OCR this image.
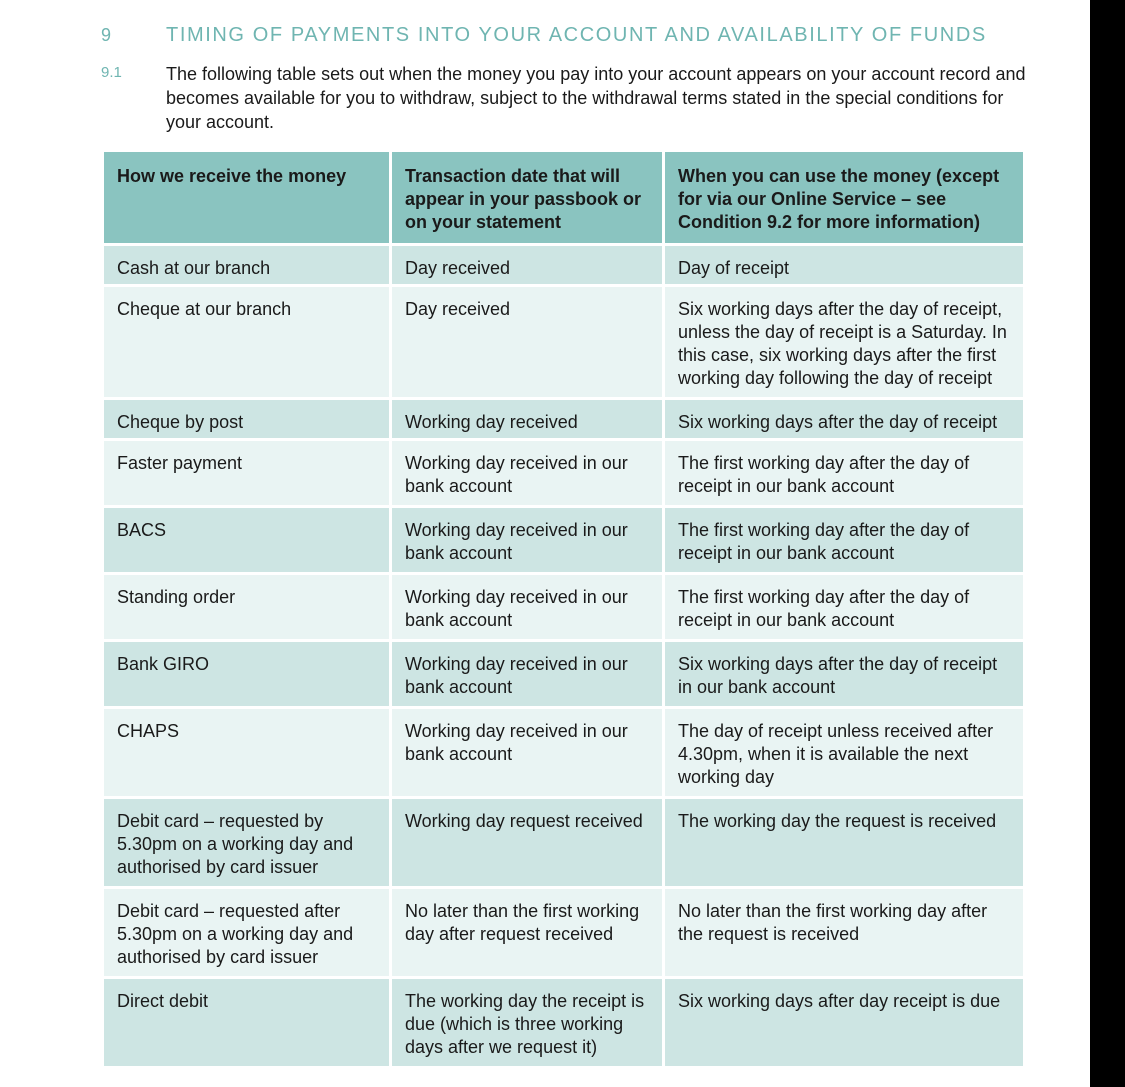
9	TIMING OF PAYMENTS INTO YOUR ACCOUNT AND AVAILABILITY OF FUNDS
9.1 The following table sets out when the money you pay into your account appears on your account record and becomes available for you to withdraw, subject to the withdrawal terms stated in the special conditions for your account.
How we receive the money	Transaction date that will appear in your passbook or on your statement	When you can use the money (except for via our Online Service – see Condition 9.2 for more information)
Cash at our branch	Day received	Day of receipt
Cheque at our branch	Day received	Six working days after the day of receipt, unless the day of receipt is a Saturday. In this case, six working days after the first working day following the day of receipt
Cheque by post	Working day received	Six working days after the day of receipt
Faster payment	Working day received in our bank account	The first working day after the day of receipt in our bank account
BACS	Working day received in our bank account	The first working day after the day of receipt in our bank account
Standing order	Working day received in our bank account	The first working day after the day of receipt in our bank account
Bank GIRO	Working day received in our bank account	Six working days after the day of receipt in our bank account
CHAPS	Working day received in our bank account	The day of receipt unless received after 4.30pm, when it is available the next working day
Debit card – requested by 5.30pm on a working day and authorised by card issuer	Working day request received	The working day the request is received
Debit card – requested after 5.30pm on a working day and authorised by card issuer	No later than the first working day after request received	No later than the first working day after the request is received
Direct debit	The working day the receipt is due (which is three working days after we request it)	Six working days after day receipt is due
